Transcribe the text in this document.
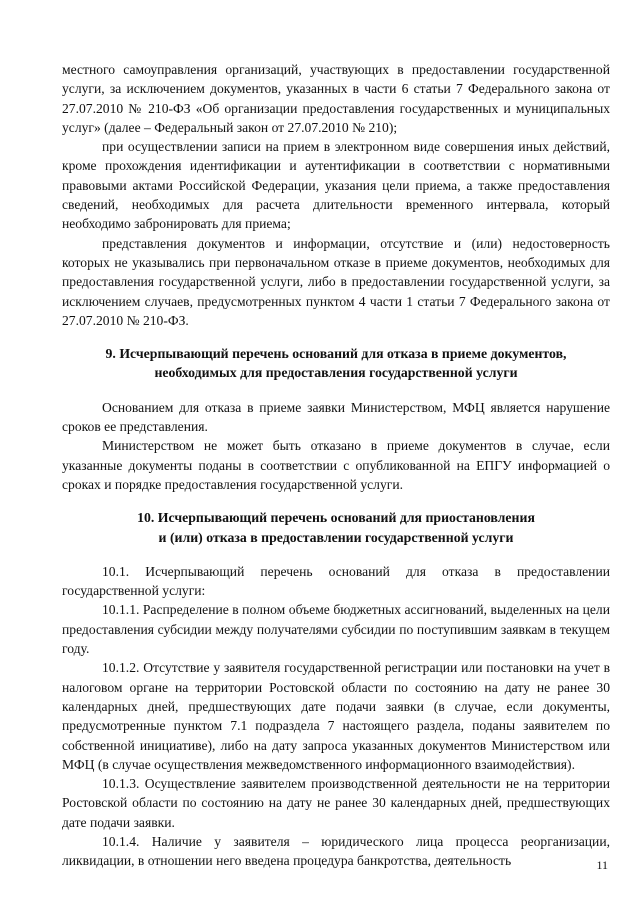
местного самоуправления организаций, участвующих в предоставлении государственной услуги, за исключением документов, указанных в части 6 статьи 7 Федерального закона от 27.07.2010 № 210-ФЗ «Об организации предоставления государственных и муниципальных услуг» (далее – Федеральный закон от 27.07.2010 № 210);

при осуществлении записи на прием в электронном виде совершения иных действий, кроме прохождения идентификации и аутентификации в соответствии с нормативными правовыми актами Российской Федерации, указания цели приема, а также предоставления сведений, необходимых для расчета длительности временного интервала, который необходимо забронировать для приема;

представления документов и информации, отсутствие и (или) недостоверность которых не указывались при первоначальном отказе в приеме документов, необходимых для предоставления государственной услуги, либо в предоставлении государственной услуги, за исключением случаев, предусмотренных пунктом 4 части 1 статьи 7 Федерального закона от 27.07.2010 № 210-ФЗ.

9. Исчерпывающий перечень оснований для отказа в приеме документов,
необходимых для предоставления государственной услуги

Основанием для отказа в приеме заявки Министерством, МФЦ является нарушение сроков ее представления.

Министерством не может быть отказано в приеме документов в случае, если указанные документы поданы в соответствии с опубликованной на ЕПГУ информацией о сроках и порядке предоставления государственной услуги.

10. Исчерпывающий перечень оснований для приостановления
и (или) отказа в предоставлении государственной услуги

10.1. Исчерпывающий перечень оснований для отказа в предоставлении государственной услуги:

10.1.1. Распределение в полном объеме бюджетных ассигнований, выделенных на цели предоставления субсидии между получателями субсидии по поступившим заявкам в текущем году.

10.1.2. Отсутствие у заявителя государственной регистрации или постановки на учет в налоговом органе на территории Ростовской области по состоянию на дату не ранее 30 календарных дней, предшествующих дате подачи заявки (в случае, если документы, предусмотренные пунктом 7.1 подраздела 7 настоящего раздела, поданы заявителем по собственной инициативе), либо на дату запроса указанных документов Министерством или МФЦ (в случае осуществления межведомственного информационного взаимодействия).

10.1.3. Осуществление заявителем производственной деятельности не на территории Ростовской области по состоянию на дату не ранее 30 календарных дней, предшествующих дате подачи заявки.

10.1.4. Наличие у заявителя – юридического лица процесса реорганизации, ликвидации, в отношении него введена процедура банкротства, деятельность	11
